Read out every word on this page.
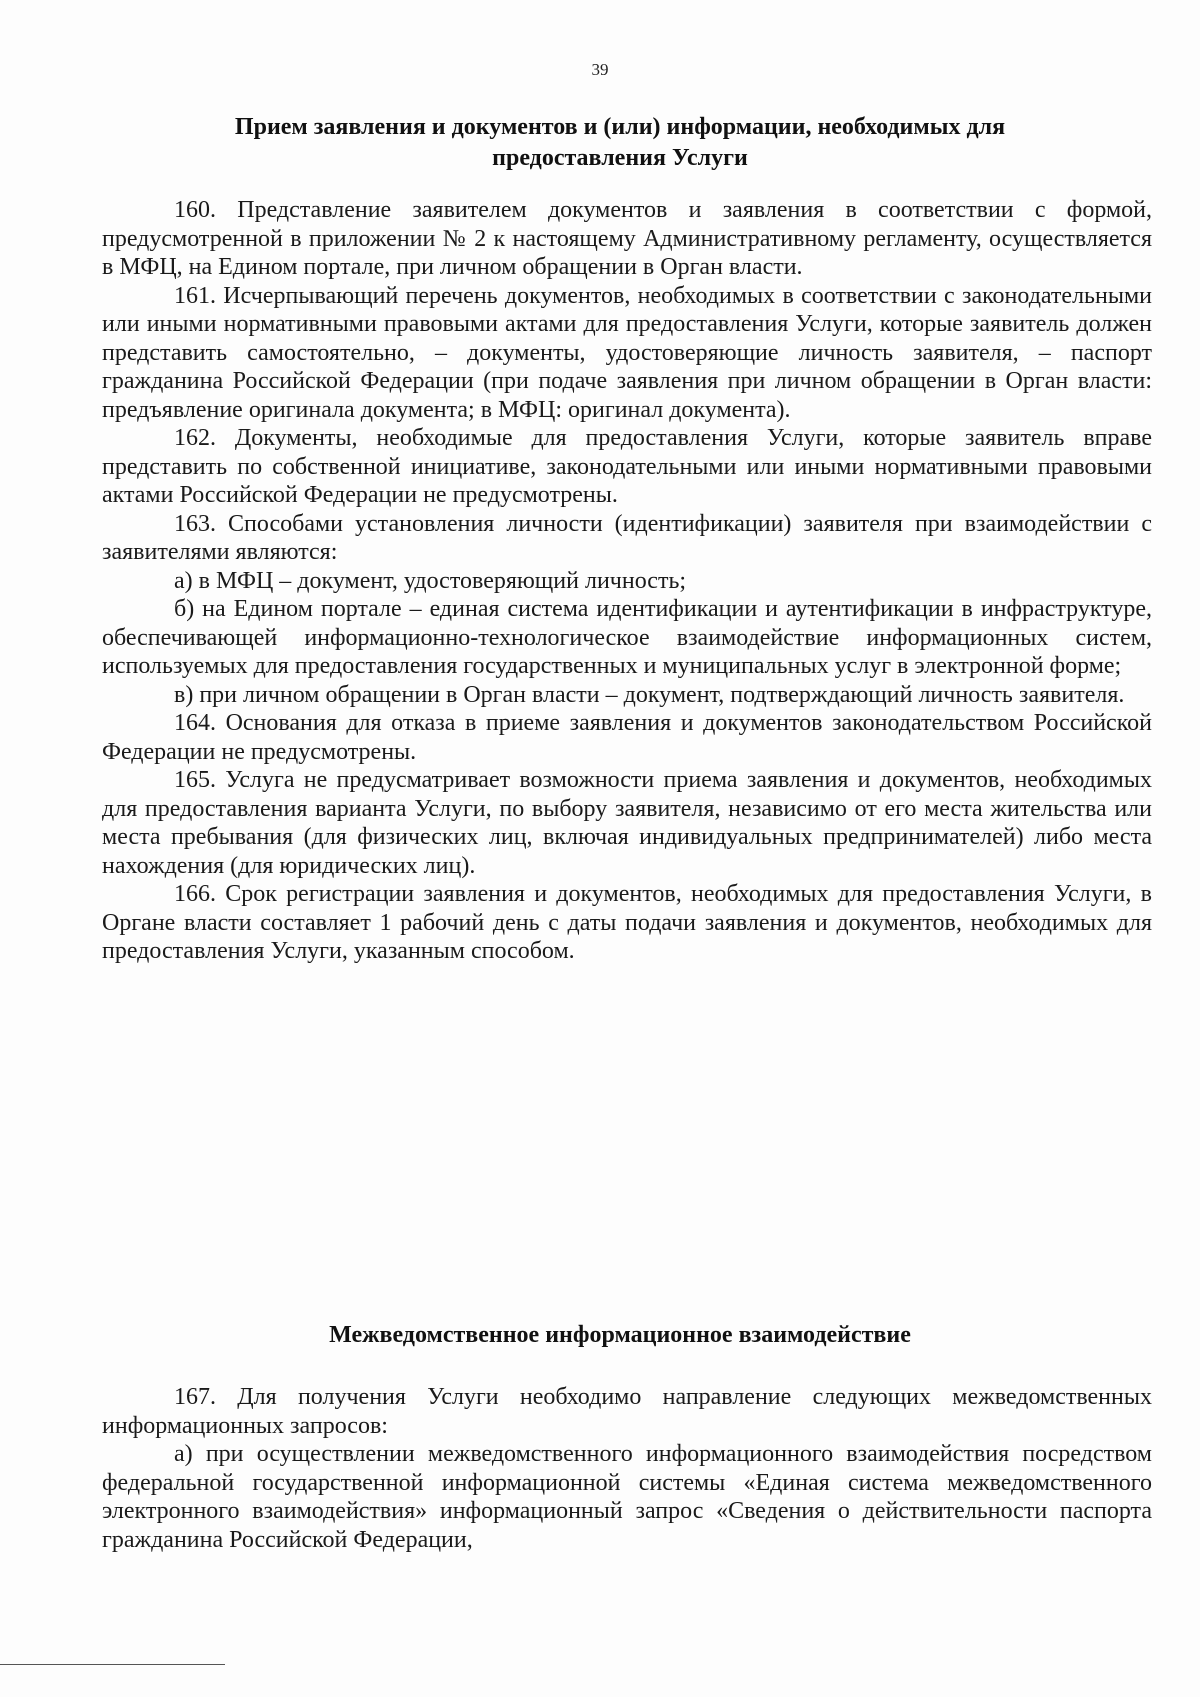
39
Прием заявления и документов и (или) информации, необходимых для предоставления Услуги

160. Представление заявителем документов и заявления в соответствии с формой, предусмотренной в приложении № 2 к настоящему Административному регламенту, осуществляется в МФЦ, на Едином портале, при личном обращении в Орган власти.

161. Исчерпывающий перечень документов, необходимых в соответствии с законодательными или иными нормативными правовыми актами для предоставления Услуги, которые заявитель должен представить самостоятельно, – документы, удостоверяющие личность заявителя, – паспорт гражданина Российской Федерации (при подаче заявления при личном обращении в Орган власти: предъявление оригинала документа; в МФЦ: оригинал документа).

162. Документы, необходимые для предоставления Услуги, которые заявитель вправе представить по собственной инициативе, законодательными или иными нормативными правовыми актами Российской Федерации не предусмотрены.

163. Способами установления личности (идентификации) заявителя при взаимодействии с заявителями являются:

а) в МФЦ – документ, удостоверяющий личность;

б) на Едином портале – единая система идентификации и аутентификации в инфраструктуре, обеспечивающей информационно-технологическое взаимодействие информационных систем, используемых для предоставления государственных и муниципальных услуг в электронной форме;

в) при личном обращении в Орган власти – документ, подтверждающий личность заявителя.

164. Основания для отказа в приеме заявления и документов законодательством Российской Федерации не предусмотрены.

165. Услуга не предусматривает возможности приема заявления и документов, необходимых для предоставления варианта Услуги, по выбору заявителя, независимо от его места жительства или места пребывания (для физических лиц, включая индивидуальных предпринимателей) либо места нахождения (для юридических лиц).

166. Срок регистрации заявления и документов, необходимых для предоставления Услуги, в Органе власти составляет 1 рабочий день с даты подачи заявления и документов, необходимых для предоставления Услуги, указанным способом.

Межведомственное информационное взаимодействие

167. Для получения Услуги необходимо направление следующих межведомственных информационных запросов:

а) при осуществлении межведомственного информационного взаимодействия посредством федеральной государственной информационной системы «Единая система межведомственного электронного взаимодействия» информационный запрос «Сведения о действительности паспорта гражданина Российской Федерации,
